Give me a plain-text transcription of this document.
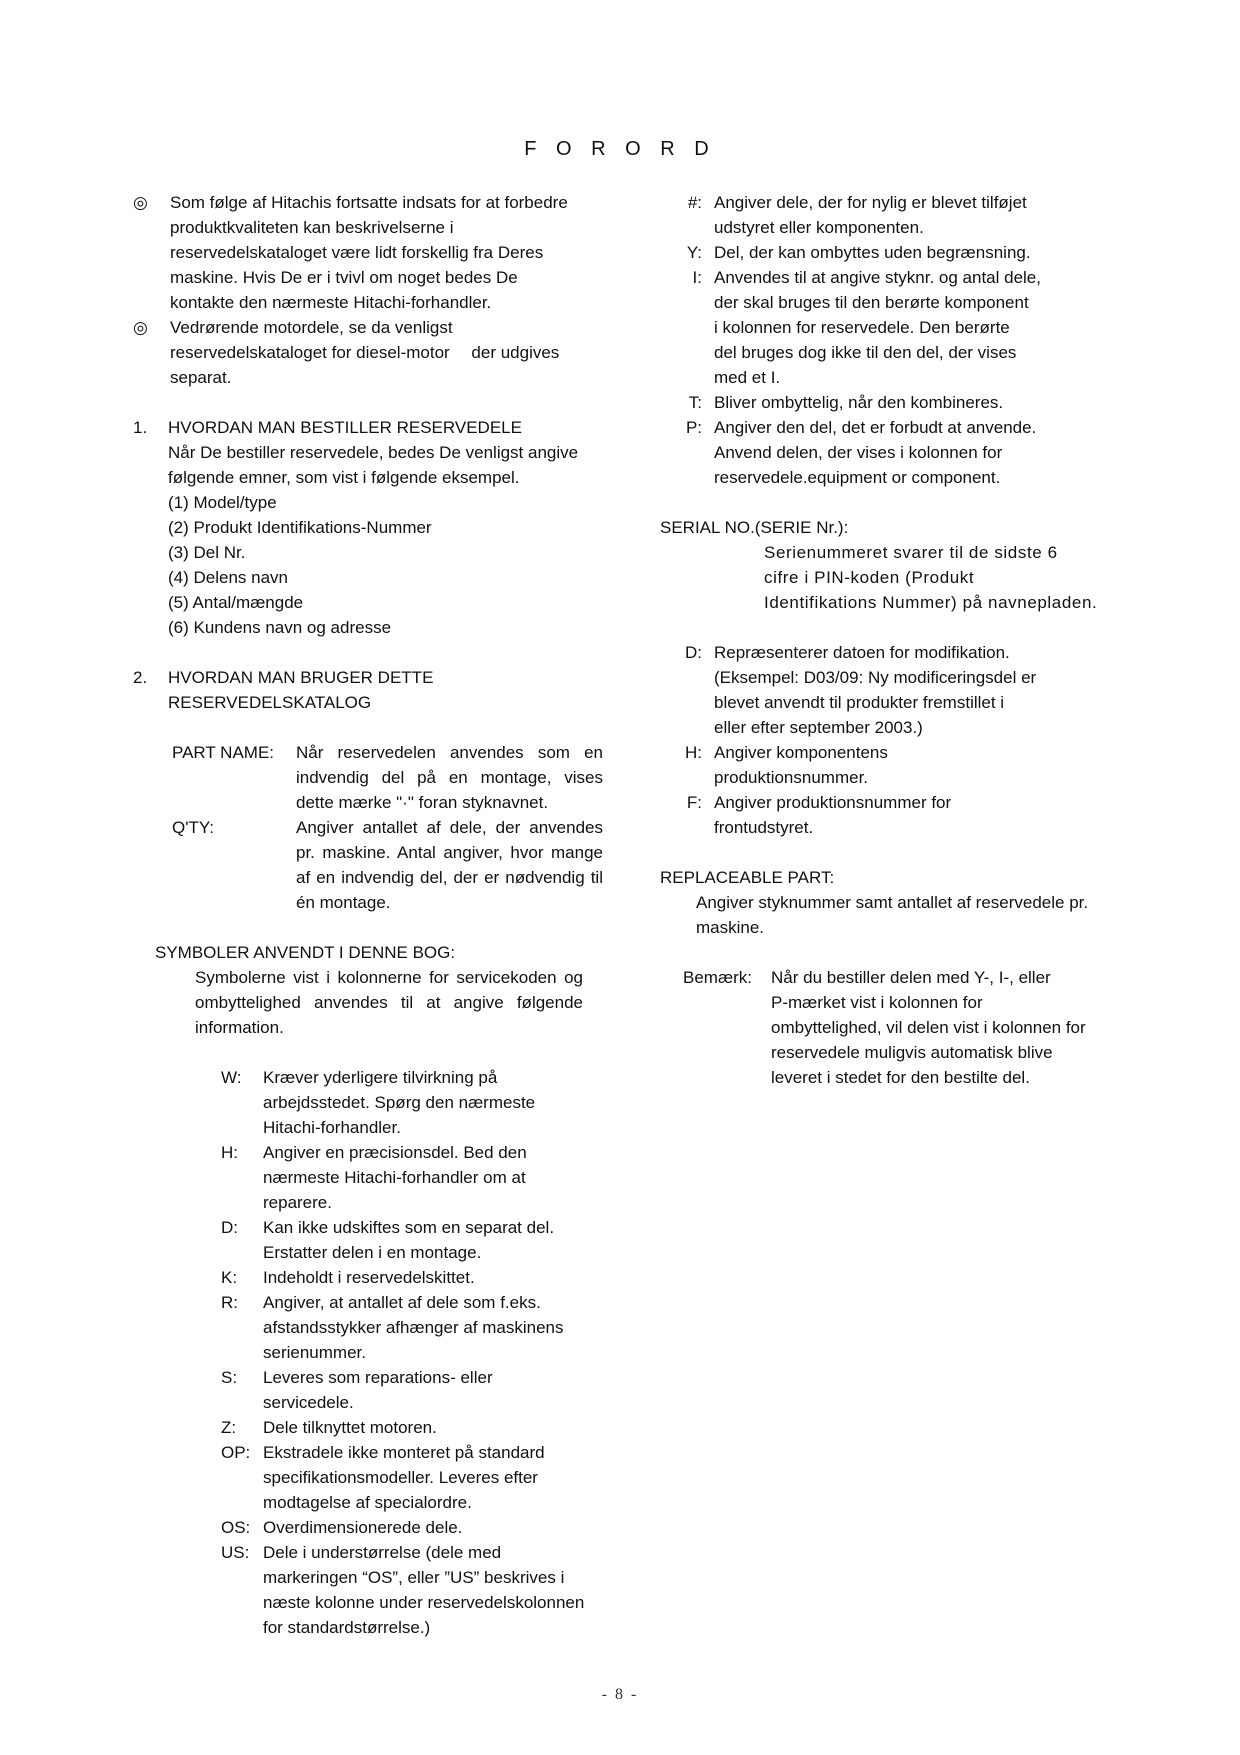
F O R O R D
◎	Som følge af Hitachis fortsatte indsats for at forbedre
produktkvaliteten kan beskrivelserne i
reservedelskataloget være lidt forskellig fra Deres
maskine. Hvis De er i tvivl om noget bedes De
kontakte den nærmeste Hitachi-forhandler.
◎	Vedrørende motordele, se da venligst
reservedelskataloget for diesel-motor  der udgives
separat.
1.	HVORDAN MAN BESTILLER RESERVEDELE
Når De bestiller reservedele, bedes De venligst angive
følgende emner, som vist i følgende eksempel.
(1) Model/type
(2) Produkt Identifikations-Nummer
(3) Del Nr.
(4) Delens navn
(5) Antal/mængde
(6) Kundens navn og adresse
2.	HVORDAN MAN BRUGER DETTE
RESERVEDELSKATALOG
PART NAME:	Når reservedelen anvendes som en indvendig del på en montage, vises dette mærke "·" foran styknavnet.
Q'TY:	Angiver antallet af dele, der anvendes pr. maskine. Antal angiver, hvor mange af en indvendig del, der er nødvendig til én montage.
SYMBOLER ANVENDT I DENNE BOG:
Symbolerne vist i kolonnerne for servicekoden og ombyttelighed anvendes til at angive følgende information.
W:	Kræver yderligere tilvirkning på
arbejdsstedet. Spørg den nærmeste
Hitachi-forhandler.
H:	Angiver en præcisionsdel. Bed den
nærmeste Hitachi-forhandler om at
reparere.
D:	Kan ikke udskiftes som en separat del.
Erstatter delen i en montage.
K:	Indeholdt i reservedelskittet.
R:	Angiver, at antallet af dele som f.eks.
afstandsstykker afhænger af maskinens
serienummer.
S:	Leveres som reparations- eller
servicedele.
Z:	Dele tilknyttet motoren.
OP: Ekstradele ikke monteret på standard
specifikationsmodeller. Leveres efter
modtagelse af specialordre.
OS: Overdimensionerede dele.
US: Dele i understørrelse (dele med
markeringen “OS”, eller ”US” beskrives i
næste kolonne under reservedelskolonnen
for standardstørrelse.)
#: Angiver dele, der for nylig er blevet tilføjet
udstyret eller komponenten.
Y: Del, der kan ombyttes uden begrænsning.
I: Anvendes til at angive styknr. og antal dele,
der skal bruges til den berørte komponent
i kolonnen for reservedele. Den berørte
del bruges dog ikke til den del, der vises
med et I.
T: Bliver ombyttelig, når den kombineres.
P: Angiver den del, det er forbudt at anvende.
Anvend delen, der vises i kolonnen for
reservedele.equipment or component.
SERIAL NO.(SERIE Nr.):
Serienummeret svarer til de sidste 6
cifre i PIN-koden (Produkt
Identifikations Nummer) på navnepladen.
D: Repræsenterer datoen for modifikation.
(Eksempel: D03/09: Ny modificeringsdel er
blevet anvendt til produkter fremstillet i
eller efter september 2003.)
H: Angiver komponentens
produktionsnummer.
F: Angiver produktionsnummer for
frontudstyret.
REPLACEABLE PART:
Angiver styknummer samt antallet af reservedele pr.
maskine.
Bemærk:	Når du bestiller delen med Y-, I-, eller
P-mærket vist i kolonnen for
ombyttelighed, vil delen vist i kolonnen for
reservedele muligvis automatisk blive
leveret i stedet for den bestilte del.
- 8 -
